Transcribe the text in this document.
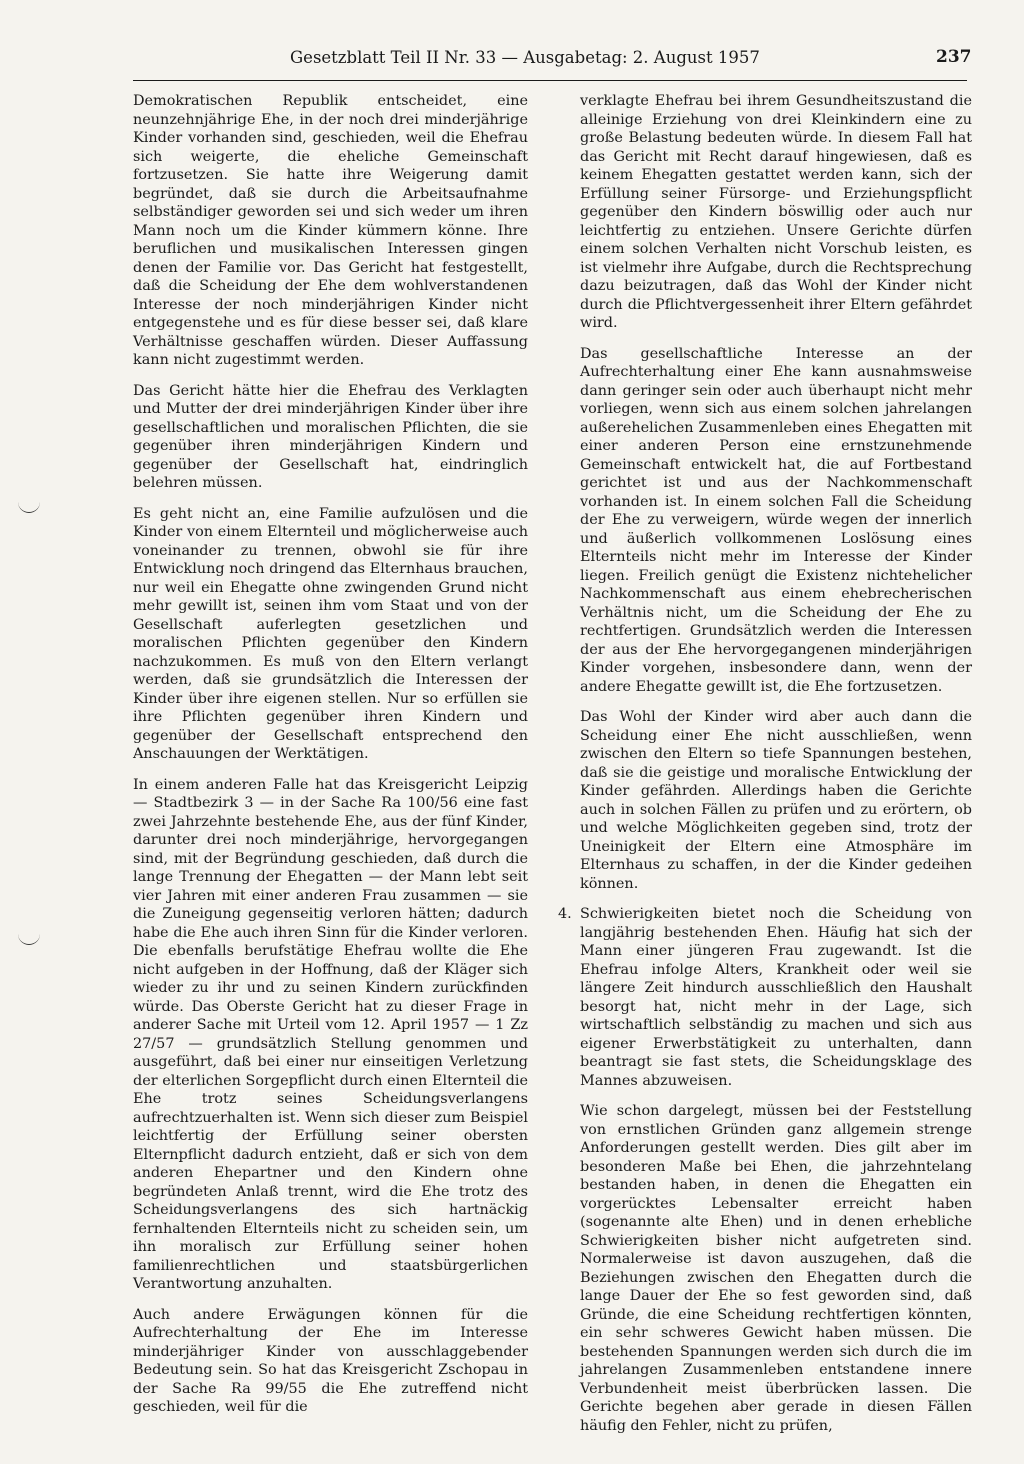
Gesetzblatt Teil II Nr. 33 — Ausgabetag: 2. August 1957	237

Demokratischen Republik entscheidet, eine neunzehnjährige Ehe, in der noch drei minderjährige Kinder vorhanden sind, geschieden, weil die Ehefrau sich weigerte, die eheliche Gemeinschaft fortzusetzen. Sie hatte ihre Weigerung damit begründet, daß sie durch die Arbeitsaufnahme selbständiger geworden sei und sich weder um ihren Mann noch um die Kinder kümmern könne. Ihre beruflichen und musikalischen Interessen gingen denen der Familie vor. Das Gericht hat festgestellt, daß die Scheidung der Ehe dem wohlverstandenen Interesse der noch minderjährigen Kinder nicht entgegenstehe und es für diese besser sei, daß klare Verhältnisse geschaffen würden. Dieser Auffassung kann nicht zugestimmt werden.

Das Gericht hätte hier die Ehefrau des Verklagten und Mutter der drei minderjährigen Kinder über ihre gesellschaftlichen und moralischen Pflichten, die sie gegenüber ihren minderjährigen Kindern und gegenüber der Gesellschaft hat, eindringlich belehren müssen.

Es geht nicht an, eine Familie aufzulösen und die Kinder von einem Elternteil und möglicherweise auch voneinander zu trennen, obwohl sie für ihre Entwicklung noch dringend das Elternhaus brauchen, nur weil ein Ehegatte ohne zwingenden Grund nicht mehr gewillt ist, seinen ihm vom Staat und von der Gesellschaft auferlegten gesetzlichen und moralischen Pflichten gegenüber den Kindern nachzukommen. Es muß von den Eltern verlangt werden, daß sie grundsätzlich die Interessen der Kinder über ihre eigenen stellen. Nur so erfüllen sie ihre Pflichten gegenüber ihren Kindern und gegenüber der Gesellschaft entsprechend den Anschauungen der Werktätigen.

In einem anderen Falle hat das Kreisgericht Leipzig — Stadtbezirk 3 — in der Sache Ra 100/56 eine fast zwei Jahrzehnte bestehende Ehe, aus der fünf Kinder, darunter drei noch minderjährige, hervorgegangen sind, mit der Begründung geschieden, daß durch die lange Trennung der Ehegatten — der Mann lebt seit vier Jahren mit einer anderen Frau zusammen — sie die Zuneigung gegenseitig verloren hätten; dadurch habe die Ehe auch ihren Sinn für die Kinder verloren. Die ebenfalls berufstätige Ehefrau wollte die Ehe nicht aufgeben in der Hoffnung, daß der Kläger sich wieder zu ihr und zu seinen Kindern zurückfinden würde. Das Oberste Gericht hat zu dieser Frage in anderer Sache mit Urteil vom 12. April 1957 — 1 Zz 27/57 — grundsätzlich Stellung genommen und ausgeführt, daß bei einer nur einseitigen Verletzung der elterlichen Sorgepflicht durch einen Elternteil die Ehe trotz seines Scheidungsverlangens aufrechtzuerhalten ist. Wenn sich dieser zum Beispiel leichtfertig der Erfüllung seiner obersten Elternpflicht dadurch entzieht, daß er sich von dem anderen Ehepartner und den Kindern ohne begründeten Anlaß trennt, wird die Ehe trotz des Scheidungsverlangens des sich hartnäckig fernhaltenden Elternteils nicht zu scheiden sein, um ihn moralisch zur Erfüllung seiner hohen familienrechtlichen und staatsbürgerlichen Verantwortung anzuhalten.

Auch andere Erwägungen können für die Aufrechterhaltung der Ehe im Interesse minderjähriger Kinder von ausschlaggebender Bedeutung sein. So hat das Kreisgericht Zschopau in der Sache Ra 99/55 die Ehe zutreffend nicht geschieden, weil für die

verklagte Ehefrau bei ihrem Gesundheitszustand die alleinige Erziehung von drei Kleinkindern eine zu große Belastung bedeuten würde. In diesem Fall hat das Gericht mit Recht darauf hingewiesen, daß es keinem Ehegatten gestattet werden kann, sich der Erfüllung seiner Fürsorge- und Erziehungspflicht gegenüber den Kindern böswillig oder auch nur leichtfertig zu entziehen. Unsere Gerichte dürfen einem solchen Verhalten nicht Vorschub leisten, es ist vielmehr ihre Aufgabe, durch die Rechtsprechung dazu beizutragen, daß das Wohl der Kinder nicht durch die Pflichtvergessenheit ihrer Eltern gefährdet wird.

Das gesellschaftliche Interesse an der Aufrechterhaltung einer Ehe kann ausnahmsweise dann geringer sein oder auch überhaupt nicht mehr vorliegen, wenn sich aus einem solchen jahrelangen außerehelichen Zusammenleben eines Ehegatten mit einer anderen Person eine ernstzunehmende Gemeinschaft entwickelt hat, die auf Fortbestand gerichtet ist und aus der Nachkommenschaft vorhanden ist. In einem solchen Fall die Scheidung der Ehe zu verweigern, würde wegen der innerlich und äußerlich vollkommenen Loslösung eines Elternteils nicht mehr im Interesse der Kinder liegen. Freilich genügt die Existenz nichtehelicher Nachkommenschaft aus einem ehebrecherischen Verhältnis nicht, um die Scheidung der Ehe zu rechtfertigen. Grundsätzlich werden die Interessen der aus der Ehe hervorgegangenen minderjährigen Kinder vorgehen, insbesondere dann, wenn der andere Ehegatte gewillt ist, die Ehe fortzusetzen.

Das Wohl der Kinder wird aber auch dann die Scheidung einer Ehe nicht ausschließen, wenn zwischen den Eltern so tiefe Spannungen bestehen, daß sie die geistige und moralische Entwicklung der Kinder gefährden. Allerdings haben die Gerichte auch in solchen Fällen zu prüfen und zu erörtern, ob und welche Möglichkeiten gegeben sind, trotz der Uneinigkeit der Eltern eine Atmosphäre im Elternhaus zu schaffen, in der die Kinder gedeihen können.

4. Schwierigkeiten bietet noch die Scheidung von langjährig bestehenden Ehen. Häufig hat sich der Mann einer jüngeren Frau zugewandt. Ist die Ehefrau infolge Alters, Krankheit oder weil sie längere Zeit hindurch ausschließlich den Haushalt besorgt hat, nicht mehr in der Lage, sich wirtschaftlich selbständig zu machen und sich aus eigener Erwerbstätigkeit zu unterhalten, dann beantragt sie fast stets, die Scheidungsklage des Mannes abzuweisen.

Wie schon dargelegt, müssen bei der Feststellung von ernstlichen Gründen ganz allgemein strenge Anforderungen gestellt werden. Dies gilt aber im besonderen Maße bei Ehen, die jahrzehntelang bestanden haben, in denen die Ehegatten ein vorgerücktes Lebensalter erreicht haben (sogenannte alte Ehen) und in denen erhebliche Schwierigkeiten bisher nicht aufgetreten sind. Normalerweise ist davon auszugehen, daß die Beziehungen zwischen den Ehegatten durch die lange Dauer der Ehe so fest geworden sind, daß Gründe, die eine Scheidung rechtfertigen könnten, ein sehr schweres Gewicht haben müssen. Die bestehenden Spannungen werden sich durch die im jahrelangen Zusammenleben entstandene innere Verbundenheit meist überbrücken lassen. Die Gerichte begehen aber gerade in diesen Fällen häufig den Fehler, nicht zu prüfen,
